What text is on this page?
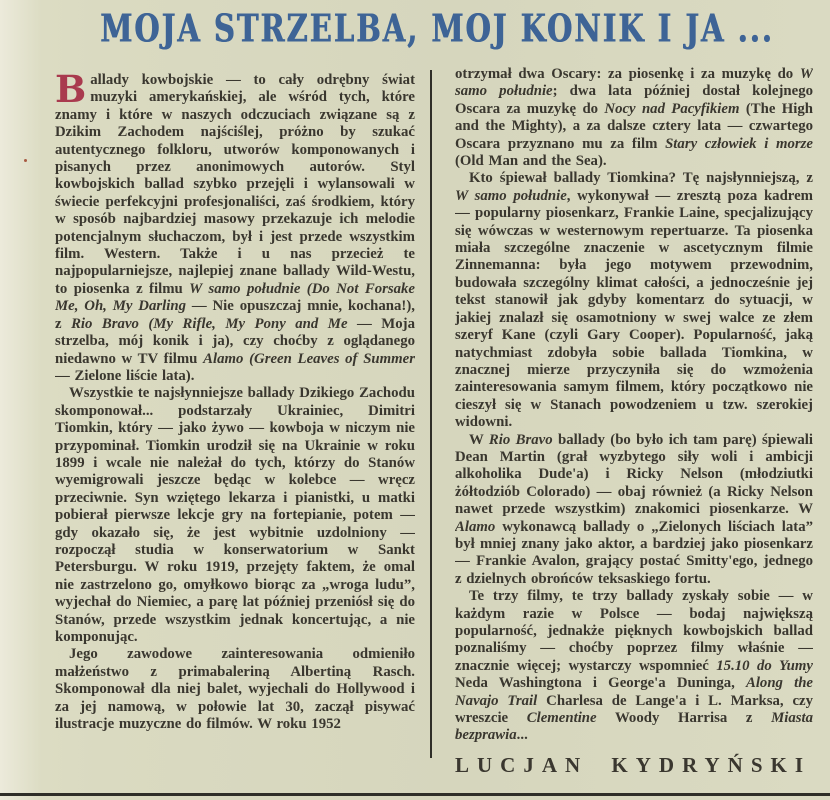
MOJA STRZELBA, MOJ KONIK I JA ...

Ballady kowbojskie — to cały odrębny świat muzyki amerykańskiej, ale wśród tych, które znamy i które w naszych odczuciach związane są z Dzikim Zachodem najściślej, próżno by szukać autentycznego folkloru, utworów komponowanych i pisanych przez anonimowych autorów. Styl kowbojskich ballad szybko przejęli i wylansowali w świecie perfekcyjni profesjonaliści, zaś środkiem, który w sposób najbardziej masowy przekazuje ich melodie potencjalnym słuchaczom, był i jest przede wszystkim film. Western. Także i u nas przecież te najpopularniejsze, najlepiej znane ballady Wild-Westu, to piosenka z filmu W samo południe (Do Not Forsake Me, Oh, My Darling — Nie opuszczaj mnie, kochana!), z Rio Bravo (My Rifle, My Pony and Me — Moja strzelba, mój konik i ja), czy choćby z oglądanego niedawno w TV filmu Alamo (Green Leaves of Summer — Zielone liście lata).

Wszystkie te najsłynniejsze ballady Dzikiego Zachodu skomponował... podstarzały Ukrainiec, Dimitri Tiomkin, który — jako żywo — kowboja w niczym nie przypominał. Tiomkin urodził się na Ukrainie w roku 1899 i wcale nie należał do tych, którzy do Stanów wyemigrowali jeszcze będąc w kolebce — wręcz przeciwnie. Syn wziętego lekarza i pianistki, u matki pobierał pierwsze lekcje gry na fortepianie, potem — gdy okazało się, że jest wybitnie uzdolniony — rozpoczął studia w konserwatorium w Sankt Petersburgu. W roku 1919, przejęty faktem, że omal nie zastrzelono go, omyłkowo biorąc za „wroga ludu”, wyjechał do Niemiec, a parę lat później przeniósł się do Stanów, przede wszystkim jednak koncertując, a nie komponując.

Jego zawodowe zainteresowania odmieniło małżeństwo z primabaleriną Albertiną Rasch. Skomponował dla niej balet, wyjechali do Hollywood i za jej namową, w połowie lat 30, zaczął pisywać ilustracje muzyczne do filmów. W roku 1952

otrzymał dwa Oscary: za piosenkę i za muzykę do W samo południe; dwa lata później dostał kolejnego Oscara za muzykę do Nocy nad Pacyfikiem (The High and the Mighty), a za dalsze cztery lata — czwartego Oscara przyznano mu za film Stary człowiek i morze (Old Man and the Sea).

Kto śpiewał ballady Tiomkina? Tę najsłynniejszą, z W samo południe, wykonywał — zresztą poza kadrem — popularny piosenkarz, Frankie Laine, specjalizujący się wówczas w westernowym repertuarze. Ta piosenka miała szczególne znaczenie w ascetycznym filmie Zinnemanna: była jego motywem przewodnim, budowała szczególny klimat całości, a jednocześnie jej tekst stanowił jak gdyby komentarz do sytuacji, w jakiej znalazł się osamotniony w swej walce ze złem szeryf Kane (czyli Gary Cooper). Popularność, jaką natychmiast zdobyła sobie ballada Tiomkina, w znacznej mierze przyczyniła się do wzmożenia zainteresowania samym filmem, który początkowo nie cieszył się w Stanach powodzeniem u tzw. szerokiej widowni.

W Rio Bravo ballady (bo było ich tam parę) śpiewali Dean Martin (grał wyzbytego siły woli i ambicji alkoholika Dude'a) i Ricky Nelson (młodziutki żółtodziób Colorado) — obaj również (a Ricky Nelson nawet przede wszystkim) znakomici piosenkarze. W Alamo wykonawcą ballady o „Zielonych liściach lata” był mniej znany jako aktor, a bardziej jako piosenkarz — Frankie Avalon, grający postać Smitty'ego, jednego z dzielnych obrońców teksaskiego fortu.

Te trzy filmy, te trzy ballady zyskały sobie — w każdym razie w Polsce — bodaj największą popularność, jednakże pięknych kowbojskich ballad poznaliśmy — choćby poprzez filmy właśnie — znacznie więcej; wystarczy wspomnieć 15.10 do Yumy Neda Washingtona i George'a Duninga, Along the Navajo Trail Charlesa de Lange'a i L. Marksa, czy wreszcie Clementine Woody Harrisa z Miasta bezprawia...

LUCJAN KYDRYŃSKI
